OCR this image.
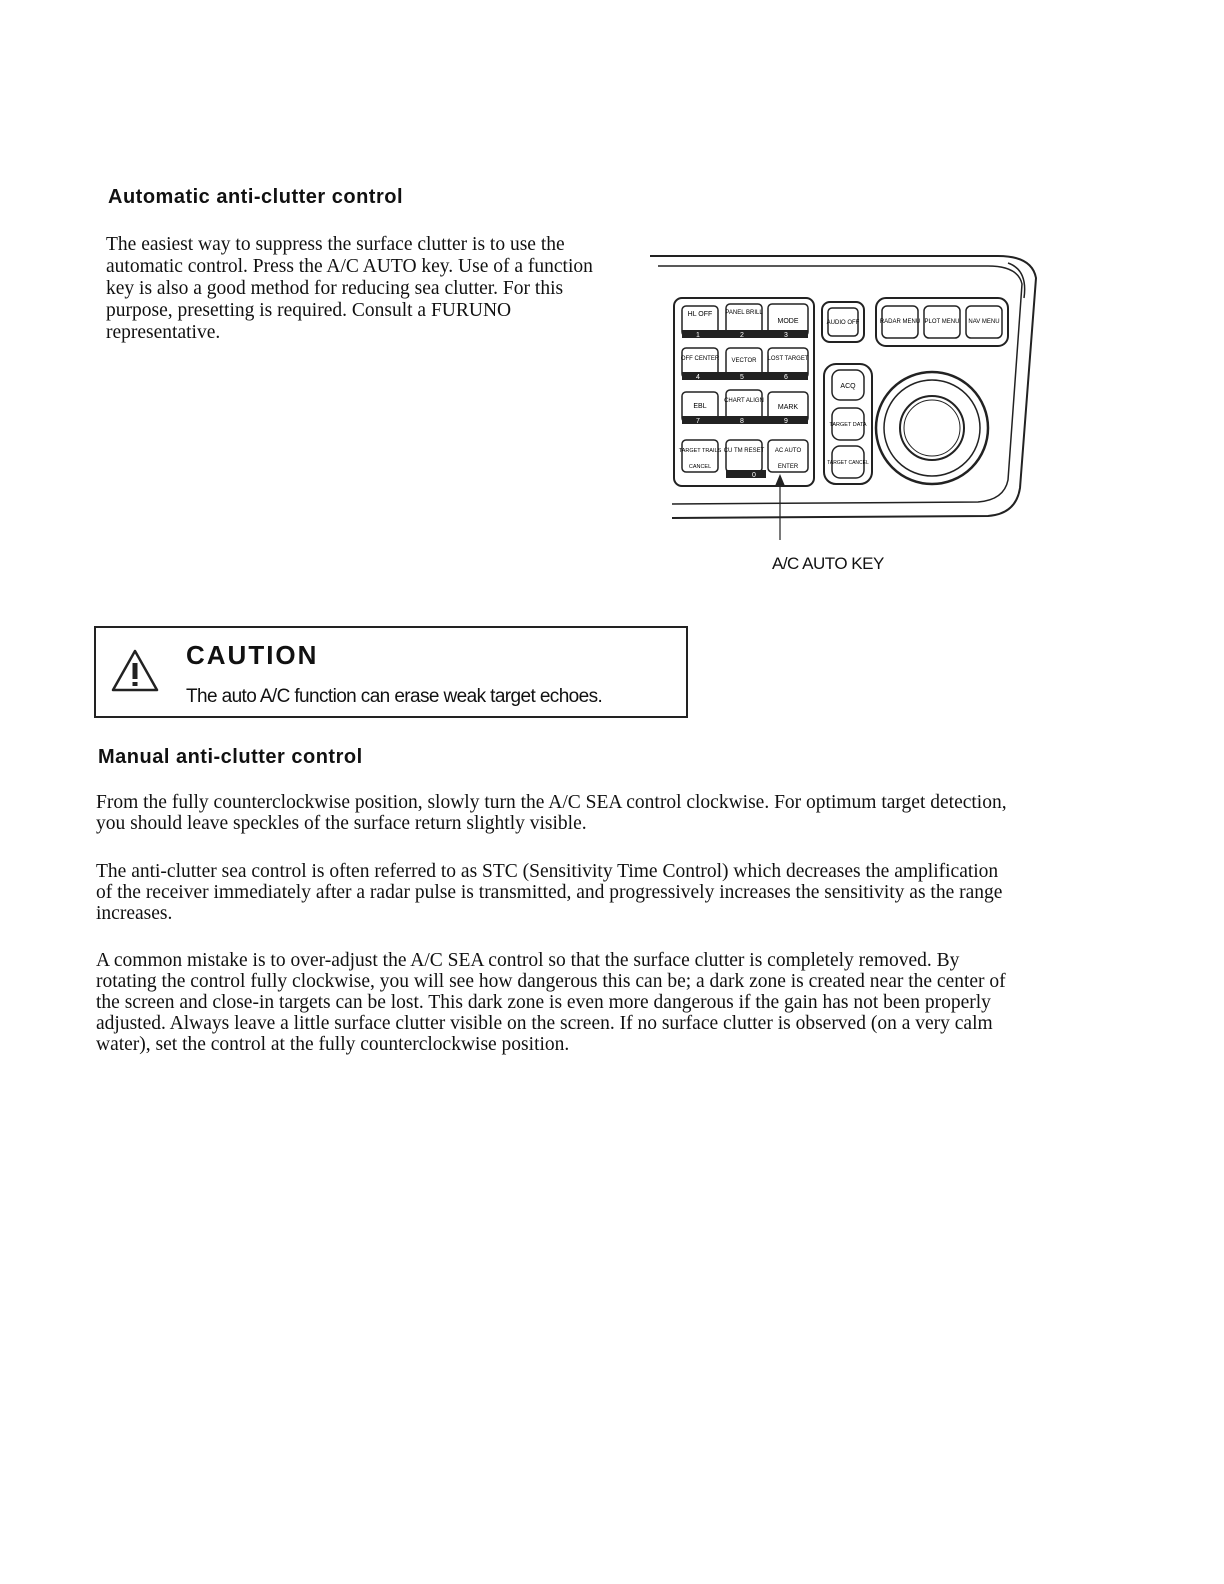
Automatic anti-clutter control

The easiest way to suppress the surface clutter is to use the automatic control. Press the A/C AUTO key. Use of a function key is also a good method for reducing sea clutter. For this purpose, presetting is required. Consult a FURUNO representative.

HL OFF PANEL BRILL
MODE
1	2	3
OFF CENTER VECTOR LOST TARGET
4	5	6
EBL
CHART ALIGN
MARK
7	8	9
TARGET TRAILS
CANCEL
CU TM RESET AC AUTO
ENTER
0
AUDIO OFF	RADAR MENU PLOT MENU NAV MENU
ACQ
TARGET DATA
TARGET CANCEL
A/C AUTO KEY
CAUTION
The auto A/C function can erase weak target echoes.
Manual anti-clutter control

From the fully counterclockwise position, slowly turn the A/C SEA control clockwise. For optimum target detection, you should leave speckles of the surface return slightly visible.

The anti-clutter sea control is often referred to as STC (Sensitivity Time Control) which decreases the amplification of the receiver immediately after a radar pulse is transmitted, and progressively increases the sensitivity as the range increases.

A common mistake is to over-adjust the A/C SEA control so that the surface clutter is completely removed. By rotating the control fully clockwise, you will see how dangerous this can be; a dark zone is created near the center of the screen and close-in targets can be lost. This dark zone is even more dangerous if the gain has not been properly adjusted. Always leave a little surface clutter visible on the screen. If no surface clutter is observed (on a very calm water), set the control at the fully counterclockwise position.
